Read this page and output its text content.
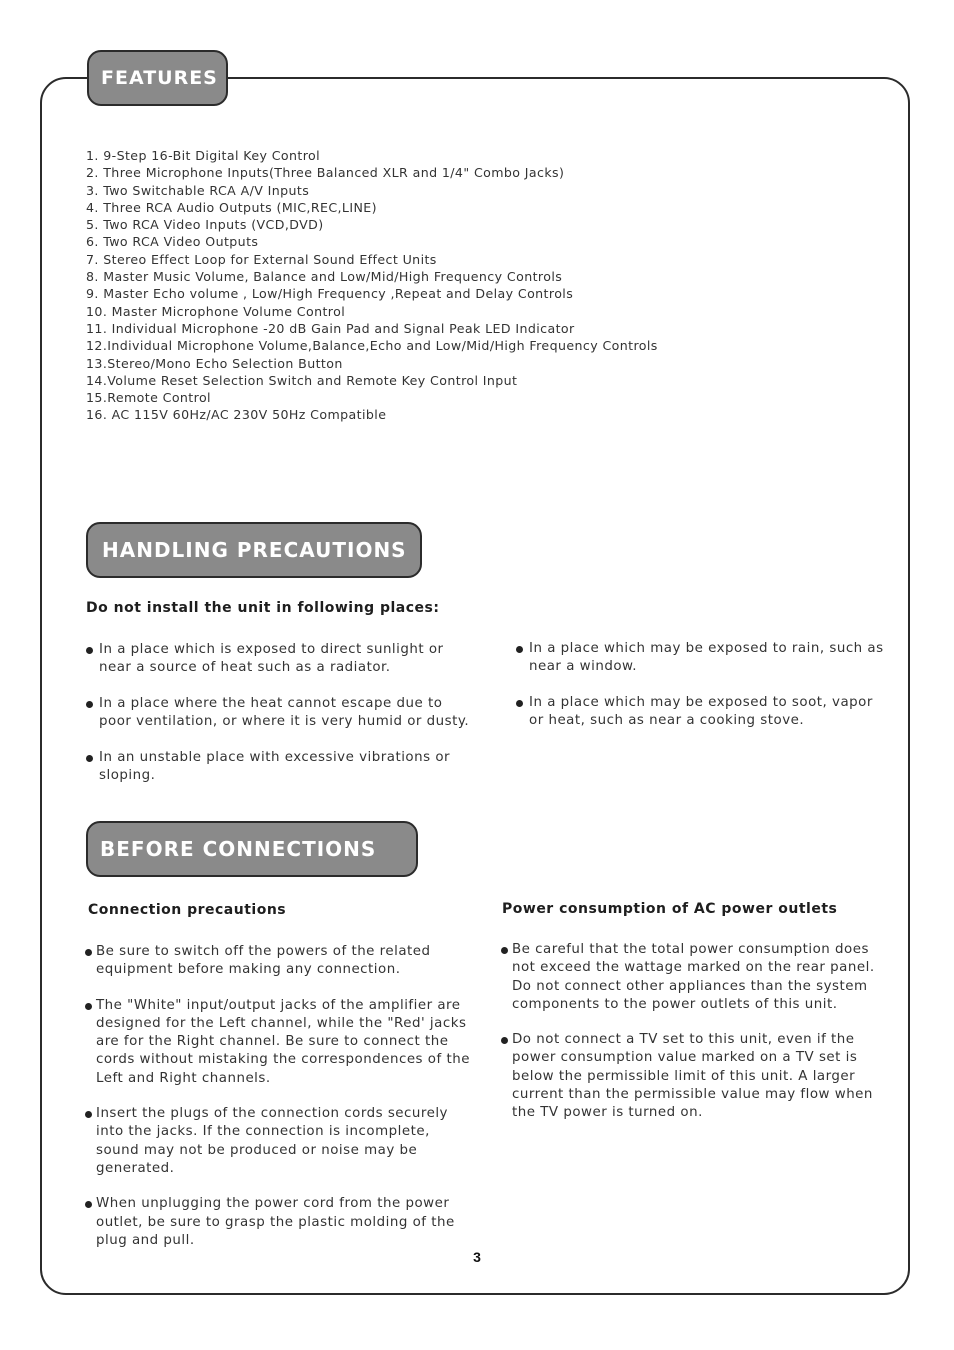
FEATURES
1. 9-Step 16-Bit Digital Key Control
2. Three Microphone Inputs(Three Balanced XLR and 1/4" Combo Jacks)
3. Two Switchable RCA A/V Inputs
4. Three RCA Audio Outputs (MIC,REC,LINE)
5. Two RCA Video Inputs (VCD,DVD)
6. Two RCA Video Outputs
7. Stereo Effect Loop for External Sound Effect Units
8. Master Music Volume, Balance and Low/Mid/High Frequency Controls
9. Master Echo volume , Low/High Frequency ,Repeat and Delay Controls
10. Master Microphone Volume Control
11. Individual Microphone -20 dB Gain Pad and Signal Peak LED Indicator
12.Individual Microphone Volume,Balance,Echo and Low/Mid/High Frequency Controls
13.Stereo/Mono Echo Selection Button
14.Volume Reset Selection Switch and Remote Key Control Input
15.Remote Control
16. AC 115V 60Hz/AC 230V 50Hz Compatible
HANDLING PRECAUTIONS
Do not install the unit in following places:
In a place which is exposed to direct sunlight or near a source of heat such as a radiator.
In a place where the heat cannot escape due to poor ventilation, or where it is very humid or dusty.
In an unstable place with excessive vibrations or sloping.
In a place which may be exposed to rain, such as near a window.
In a place which may be exposed to soot, vapor or heat, such as near a cooking stove.
BEFORE CONNECTIONS
Connection precautions
Be sure to switch off the powers of the related equipment before making any connection.
The "White" input/output jacks of the amplifier are designed for the Left channel, while the "Red' jacks are for the Right channel. Be sure to connect the cords without mistaking the correspondences of the Left and Right channels.
Insert the plugs of the connection cords securely into the jacks. If the connection is incomplete, sound may not be produced or noise may be generated.
When unplugging the power cord from the power outlet, be sure to grasp the plastic molding of the plug and pull.
Power consumption of AC power outlets
Be careful that the total power consumption does not exceed the wattage marked on the rear panel. Do not connect other appliances than the system components to the power outlets of this unit.
Do not connect a TV set to this unit, even if the power consumption value marked on a TV set is below the permissible limit of this unit. A larger current than the permissible value may flow when the TV power is turned on.
3
